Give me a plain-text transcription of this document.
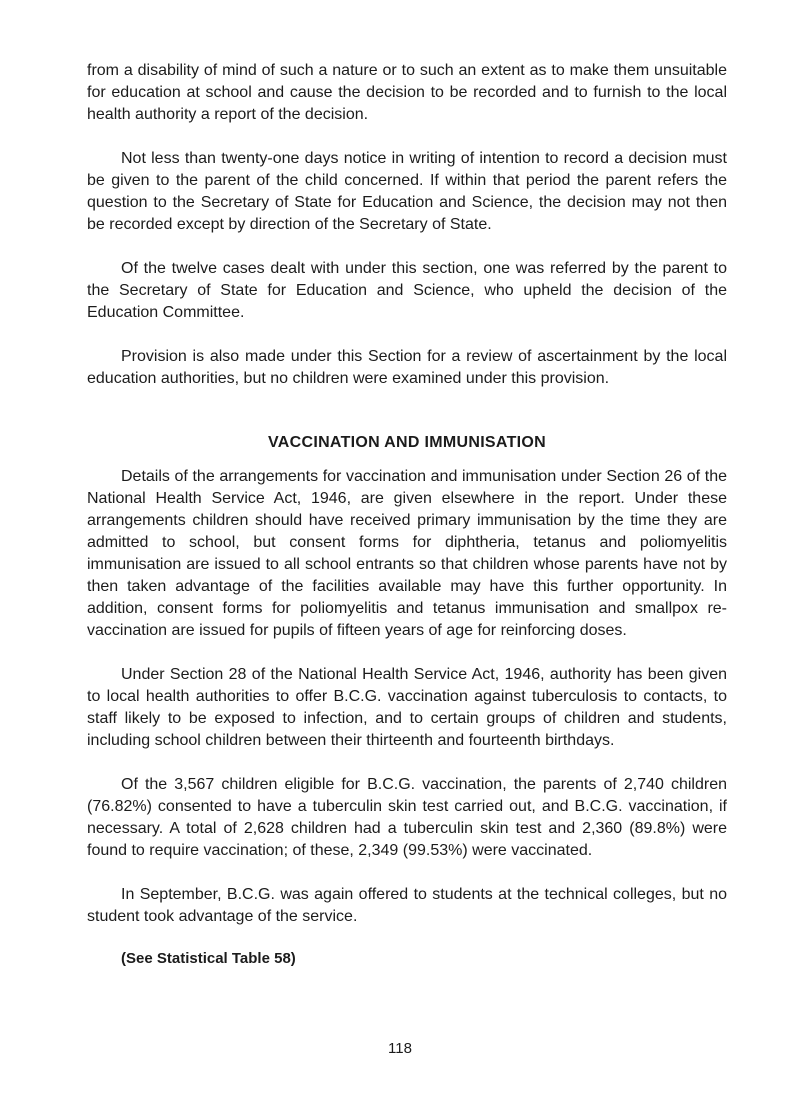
from a disability of mind of such a nature or to such an extent as to make them unsuitable for education at school and cause the decision to be recorded and to furnish to the local health authority a report of the decision.

Not less than twenty-one days notice in writing of intention to record a decision must be given to the parent of the child concerned. If within that period the parent refers the question to the Secretary of State for Education and Science, the decision may not then be recorded except by direction of the Secretary of State.

Of the twelve cases dealt with under this section, one was referred by the parent to the Secretary of State for Education and Science, who upheld the decision of the Education Committee.

Provision is also made under this Section for a review of ascertainment by the local education authorities, but no children were examined under this provision.

VACCINATION AND IMMUNISATION

Details of the arrangements for vaccination and immunisation under Section 26 of the National Health Service Act, 1946, are given elsewhere in the report. Under these arrangements children should have received primary immunisation by the time they are admitted to school, but consent forms for diphtheria, tetanus and poliomyelitis immunisation are issued to all school entrants so that children whose parents have not by then taken advantage of the facilities available may have this further opportunity. In addition, consent forms for poliomyelitis and tetanus immunisation and smallpox re-vaccination are issued for pupils of fifteen years of age for reinforcing doses.

Under Section 28 of the National Health Service Act, 1946, authority has been given to local health authorities to offer B.C.G. vaccination against tuberculosis to contacts, to staff likely to be exposed to infection, and to certain groups of children and students, including school children between their thirteenth and fourteenth birthdays.

Of the 3,567 children eligible for B.C.G. vaccination, the parents of 2,740 children (76.82%) consented to have a tuberculin skin test carried out, and B.C.G. vaccination, if necessary. A total of 2,628 children had a tuberculin skin test and 2,360 (89.8%) were found to require vaccination; of these, 2,349 (99.53%) were vaccinated.

In September, B.C.G. was again offered to students at the technical colleges, but no student took advantage of the service.

(See Statistical Table 58)
118
